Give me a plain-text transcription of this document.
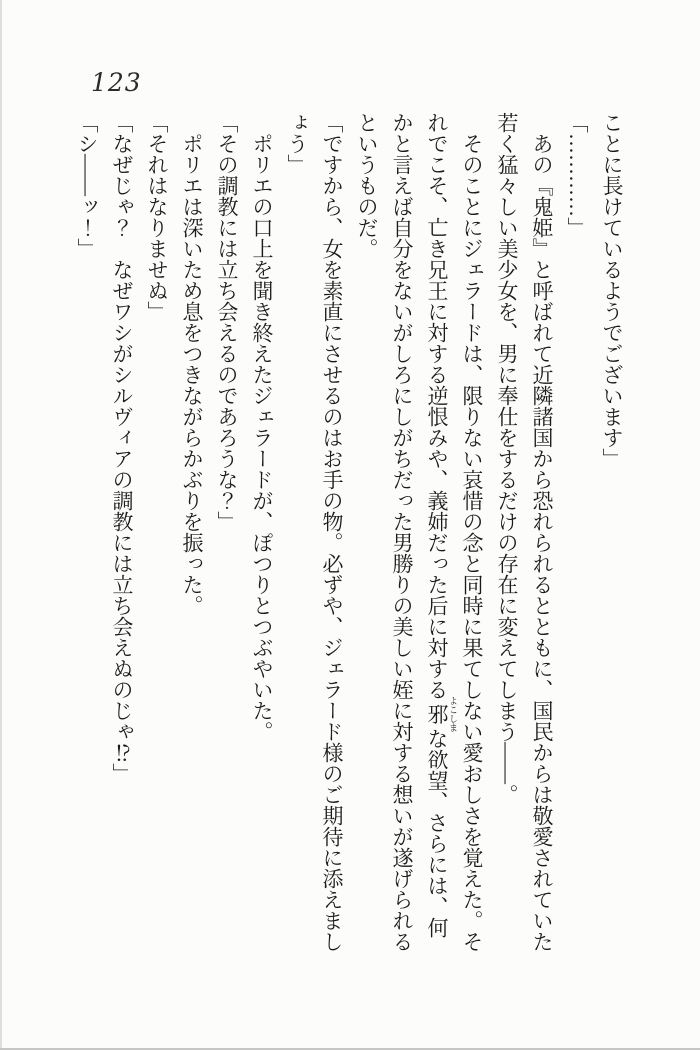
123

ことに長けているようでございます」

「…………」

あの『鬼姫』と呼ばれて近隣諸国から恐れられるとともに、国民からは敬愛されていた若く猛々しい美少女を、男に奉仕をするだけの存在に変えてしまう――。

そのことにジェラードは、限りない哀惜の念と同時に果てしない愛おしさを覚えた。それでこそ、亡き兄王に対する逆恨みや、義姉だった后に対する邪 よこしまな欲望、さらには、何かと言えば自分をないがしろにしがちだった男勝りの美しい姪に対する想いが遂げられるというものだ。

「ですから、女を素直にさせるのはお手の物。必ずや、ジェラード様のご期待に添えましょう」

ポリエの口上を聞き終えたジェラードが、ぽつりとつぶやいた。

「その調教には立ち会えるのであろうな？」

ポリエは深いため息をつきながらかぶりを振った。

「それはなりませぬ」

「なぜじゃ？　なぜワシがシルヴィアの調教には立ち会えぬのじゃ⁉」

「シ――ッ！」
